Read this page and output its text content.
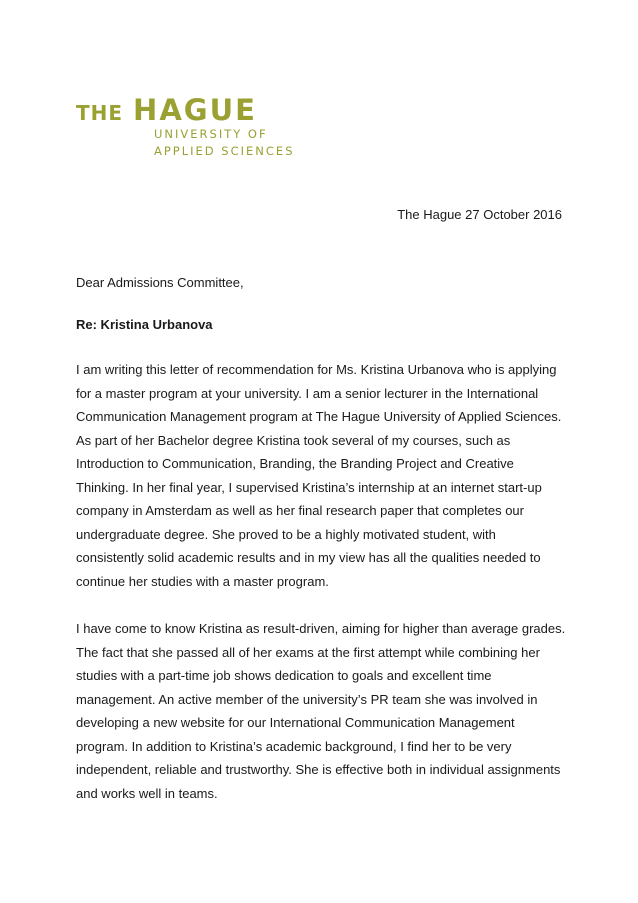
THE HAGUE
UNIVERSITY OF
APPLIED SCIENCES
The Hague 27 October 2016
Dear Admissions Committee,
Re: Kristina Urbanova
I am writing this letter of recommendation for Ms. Kristina Urbanova who is applying
for a master program at your university. I am a senior lecturer in the International
Communication Management program at The Hague University of Applied Sciences.
As part of her Bachelor degree Kristina took several of my courses, such as
Introduction to Communication, Branding, the Branding Project and Creative
Thinking. In her final year, I supervised Kristina’s internship at an internet start-up
company in Amsterdam as well as her final research paper that completes our
undergraduate degree. She proved to be a highly motivated student, with
consistently solid academic results and in my view has all the qualities needed to
continue her studies with a master program.
I have come to know Kristina as result-driven, aiming for higher than average grades.
The fact that she passed all of her exams at the first attempt while combining her
studies with a part-time job shows dedication to goals and excellent time
management. An active member of the university’s PR team she was involved in
developing a new website for our International Communication Management
program. In addition to Kristina’s academic background, I find her to be very
independent, reliable and trustworthy. She is effective both in individual assignments
and works well in teams.
